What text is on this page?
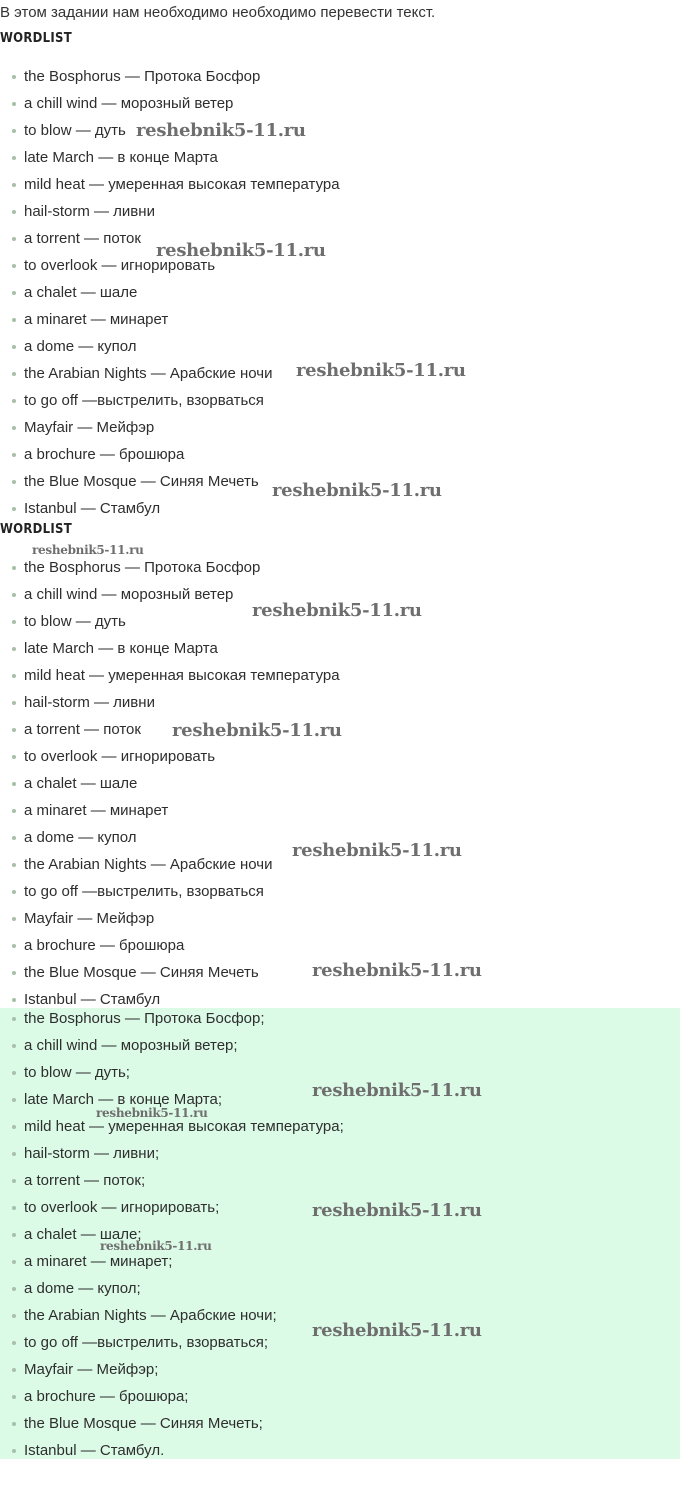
В этом задании нам необходимо необходимо перевести текст.
WORDLIST
the Bosphorus — Протока Босфор
a chill wind — морозный ветер
to blow — дуть
late March — в конце Марта
mild heat — умеренная высокая температура
hail-storm — ливни
a torrent — поток
to overlook — игнорировать
a chalet — шале
a minaret — минарет
a dome — купол
the Arabian Nights — Арабские ночи
to go off —выстрелить, взорваться
Mayfair — Мейфэр
a brochure — брошюра
the Blue Mosque — Синяя Мечеть
Istanbul — Стамбул
WORDLIST
the Bosphorus — Протока Босфор
a chill wind — морозный ветер
to blow — дуть
late March — в конце Марта
mild heat — умеренная высокая температура
hail-storm — ливни
a torrent — поток
to overlook — игнорировать
a chalet — шале
a minaret — минарет
a dome — купол
the Arabian Nights — Арабские ночи
to go off —выстрелить, взорваться
Mayfair — Мейфэр
a brochure — брошюра
the Blue Mosque — Синяя Мечеть
Istanbul — Стамбул
the Bosphorus — Протока Босфор;
a chill wind — морозный ветер;
to blow — дуть;
late March — в конце Марта;
mild heat — умеренная высокая температура;
hail-storm — ливни;
a torrent — поток;
to overlook — игнорировать;
a chalet — шале;
a minaret — минарет;
a dome — купол;
the Arabian Nights — Арабские ночи;
to go off —выстрелить, взорваться;
Mayfair — Мейфэр;
a brochure — брошюра;
the Blue Mosque — Синяя Мечеть;
Istanbul — Стамбул.
reshebnik5-11.ru
reshebnik5-11.ru
reshebnik5-11.ru
reshebnik5-11.ru
reshebnik5-11.ru
reshebnik5-11.ru
reshebnik5-11.ru
reshebnik5-11.ru
reshebnik5-11.ru
reshebnik5-11.ru
reshebnik5-11.ru
reshebnik5-11.ru
reshebnik5-11.ru
reshebnik5-11.ru
